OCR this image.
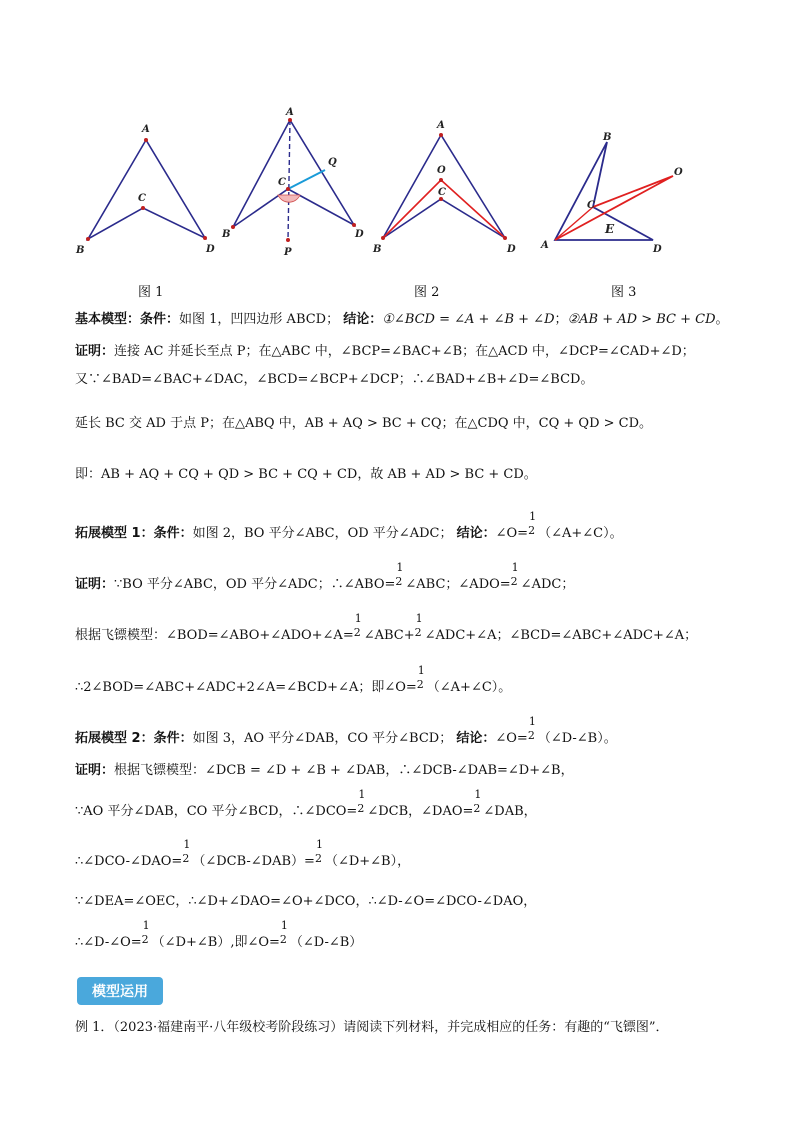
A
B
C
D
图 1
A
B
C
D
Q
P
A
B
O
C
D
图 2
B
A
C
D
O
E
图 3
基本模型：条件：如图 1，凹四边形 ABCD； 结论：①∠BCD = ∠A + ∠B + ∠D；②AB + AD > BC + CD。
证明：连接 AC 并延长至点 P；在△ABC 中，∠BCP=∠BAC+∠B；在△ACD 中，∠DCP=∠CAD+∠D；
又∵∠BAD=∠BAC+∠DAC，∠BCD=∠BCP+∠DCP；∴∠BAD+∠B+∠D=∠BCD。
延长 BC 交 AD 于点 P；在△ABQ 中，AB + AQ > BC + CQ；在△CDQ 中，CQ + QD > CD。
即：AB + AQ + CQ + QD > BC + CQ + CD，故 AB + AD > BC + CD。
拓展模型 1：条件：如图 2，BO 平分∠ABC，OD 平分∠ADC； 结论：∠O=
1
$^2$ （∠A+∠C）。
证明：∵BO 平分∠ABC，OD 平分∠ADC；∴∠ABO=
1
$^2$ ∠ABC；∠ADO=
1
$^2$ ∠ADC；
根据飞镖模型：∠BOD=∠ABO+∠ADO+∠A=
1
$^2$ ∠ABC+
1
$^2$ ∠ADC+∠A；∠BCD=∠ABC+∠ADC+∠A；
∴2∠BOD=∠ABC+∠ADC+2∠A=∠BCD+∠A；即∠O=
1
$^2$ （∠A+∠C）。
拓展模型 2：条件：如图 3，AO 平分∠DAB，CO 平分∠BCD； 结论：∠O=
1
$^2$ （∠D-∠B）。
证明：根据飞镖模型：∠DCB = ∠D + ∠B + ∠DAB，∴∠DCB-∠DAB=∠D+∠B，
∵AO 平分∠DAB，CO 平分∠BCD，∴∠DCO=
1
$^2$ ∠DCB，∠DAO=
1
$^2$ ∠DAB，
∴∠DCO-∠DAO=
1
$^2$ （∠DCB-∠DAB）=
1
$^2$ （∠D+∠B），
∵∠DEA=∠OEC，∴∠D+∠DAO=∠O+∠DCO，∴∠D-∠O=∠DCO-∠DAO，
∴∠D-∠O=
1
$^2$ （∠D+∠B）,即∠O=
1
$^2$ （∠D-∠B）
模型运用
例 1．（2023·福建南平·八年级校考阶段练习）请阅读下列材料，并完成相应的任务：有趣的“飞镖图”．
